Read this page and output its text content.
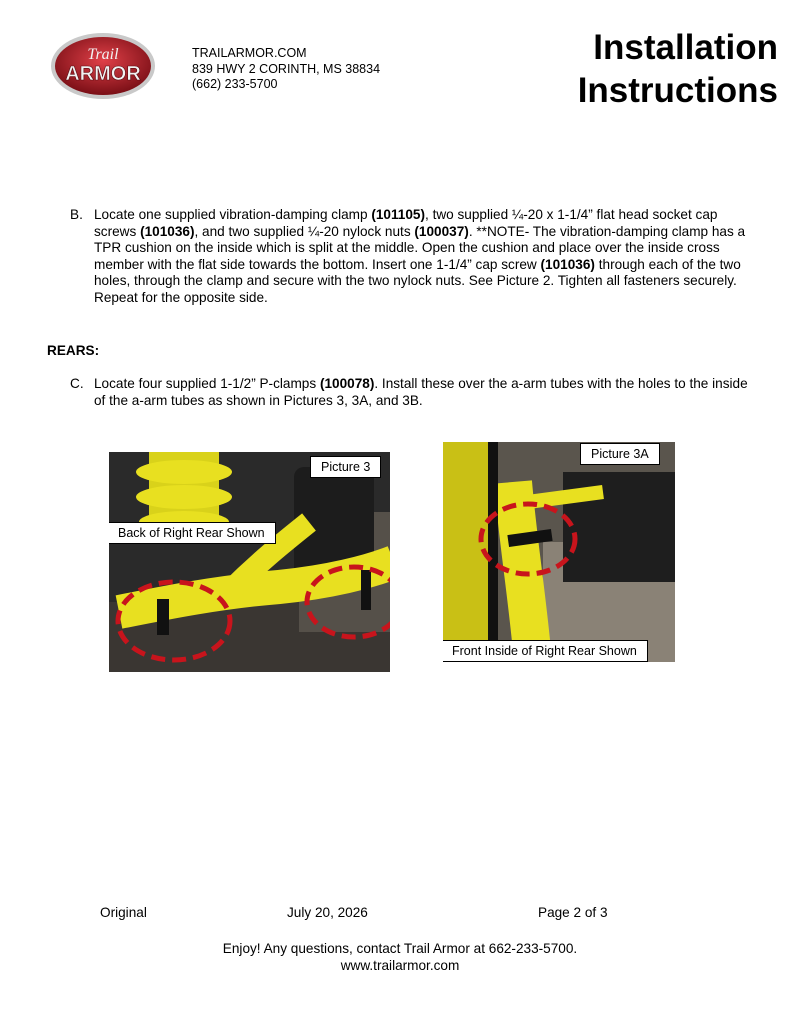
Trail
ARMOR
TRAILARMOR.COM
839 HWY 2 CORINTH, MS 38834
(662) 233-5700
Installation
Instructions
B. Locate one supplied vibration-damping clamp (101105), two supplied ¼-20 x 1-1/4” flat head socket cap screws (101036), and two supplied ¼-20 nylock nuts (100037). **NOTE- The vibration-damping clamp has a TPR cushion on the inside which is split at the middle. Open the cushion and place over the inside cross member with the flat side towards the bottom. Insert one 1-1/4” cap screw (101036) through each of the two holes, through the clamp and secure with the two nylock nuts. See Picture 2. Tighten all fasteners securely. Repeat for the opposite side.
REARS:
C. Locate four supplied 1-1/2” P-clamps (100078). Install these over the a-arm tubes with the holes to the inside of the a-arm tubes as shown in Pictures 3, 3A, and 3B.
Picture 3
Back of Right Rear Shown
Picture 3A
Front Inside of Right Rear Shown
Original	July 20, 2026	Page 2 of 3
Enjoy! Any questions, contact Trail Armor at 662-233-5700.
www.trailarmor.com
